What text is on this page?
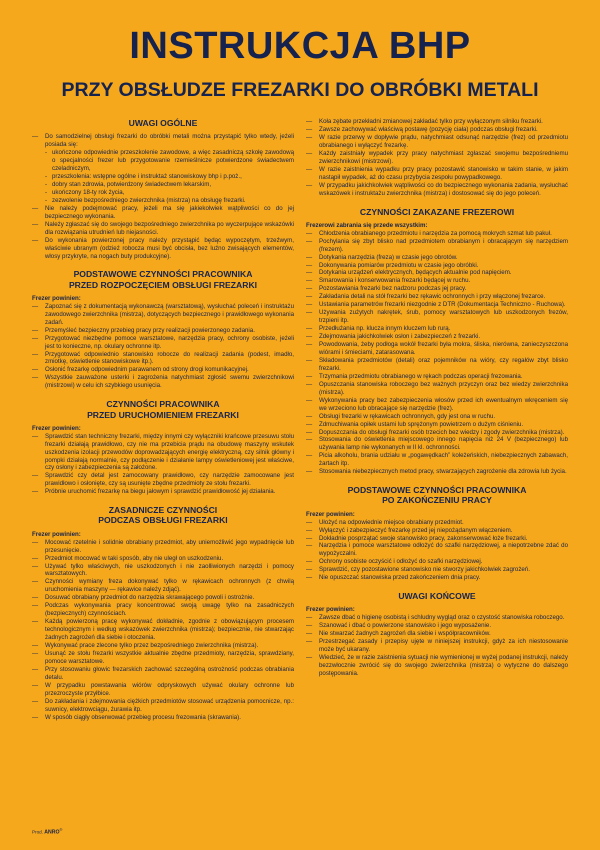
INSTRUKCJA BHP
PRZY OBSŁUDZE FREZARKI DO OBRÓBKI METALI
UWAGI OGÓLNE
— Do samodzielnej obsługi frezarki do obróbki metali można przystąpić tylko wtedy, jeżeli posiada się:
- ukończone odpowiednie przeszkolenie zawodowe, a więc zasadniczą szkołę zawodową o specjalności frezer lub przygotowanie rzemieślnicze potwierdzone świadectwem czeladniczym,
- przeszkolenia: wstępne ogólne i instruktaż stanowiskowy bhp i p.poż.,
- dobry stan zdrowia, potwierdzony świadectwem lekarskim,
- ukończony 18-ty rok życia,
- zezwolenie bezpośredniego zwierzchnika (mistrza) na obsługę frezarki.
— Nie należy podejmować pracy, jeżeli ma się jakiekolwiek wątpliwości co do jej bezpiecznego wykonania.
— Należy zgłaszać się do swojego bezpośredniego zwierzchnika po wyczerpujące wskazówki dla rozwiązania utrudnień lub niejasności.
— Do wykonania powierzonej pracy należy przystąpić będąc wypoczętym, trzeźwym, właściwie ubranym (odzież robocza musi być obcisła, bez luźno zwisających elementów, włosy przykryte, na nogach buty produkcyjne).
PODSTAWOWE CZYNNOŚCI PRACOWNIKA
PRZED ROZPOCZĘCIEM OBSŁUGI FREZARKI
Frezer powinien:
— Zapoznać się z dokumentacją wykonawczą (warsztatową), wysłuchać poleceń i instruktażu zawodowego zwierzchnika (mistrza), dotyczących bezpiecznego i prawidłowego wykonania zadań.
— Przemyśleć bezpieczny przebieg pracy przy realizacji powierzonego zadania.
— Przygotować niezbędne pomoce warsztatowe, narzędzia pracy, ochrony osobiste, jeżeli jest to konieczne, np. okulary ochronne itp.
— Przygotować odpowiednio stanowisko robocze do realizacji zadania (podest, imadło, zmiotkę, oświetlenie stanowiskowe itp.).
— Osłonić frezarkę odpowiednim parawanem od strony drogi komunikacyjnej.
— Wszystkie zauważone usterki i zagrożenia natychmiast zgłosić swemu zwierzchnikowi (mistrzowi) w celu ich szybkiego usunięcia.
CZYNNOŚCI PRACOWNIKA
PRZED URUCHOMIENIEM FREZARKI
Frezer powinien:
— Sprawdzić stan techniczny frezarki, między innymi czy wyłączniki krańcowe przesuwu stołu frezarki działają prawidłowo, czy nie ma przebicia prądu na obudowę maszyny wskutek uszkodzenia izolacji przewodów doprowadzających energię elektryczną, czy silnik główny i pompki działają normalnie, czy podłączenie i działanie lampy oświetleniowej jest właściwe, czy osłony i zabezpieczenia są założone.
— Sprawdzić czy detal jest zamocowany prawidłowo, czy narzędzie zamocowane jest prawidłowo i osłonięte, czy są usunięte zbędne przedmioty ze stołu frezarki.
— Próbnie uruchomić frezarkę na biegu jałowym i sprawdzić prawidłowość jej działania.
ZASADNICZE CZYNNOŚCI
PODCZAS OBSŁUGI FREZARKI
Frezer powinien:
— Mocować rzetelnie i solidnie obrabiany przedmiot, aby uniemożliwić jego wypadnięcie lub przesunięcie.
— Przedmiot mocować w taki sposób, aby nie uległ on uszkodzeniu.
— Używać tylko właściwych, nie uszkodzonych i nie zaolliwionych narzędzi i pomocy warsztatowych.
— Czynności wymiany freza dokonywać tylko w rękawicach ochronnych (z chwilą uruchomienia maszyny — rękawice należy zdjąć).
— Dosuwać obrabiany przedmiot do narzędzia skrawającego powoli i ostrożnie.
— Podczas wykonywania pracy koncentrować swoją uwagę tylko na zasadniczych (bezpiecznych) czynnościach.
— Każdą powierzoną pracę wykonywać dokładnie, zgodnie z obowiązującym procesem technologicznym i według wskazówek zwierzchnika (mistrza); bezpiecznie, nie stwarzając żadnych zagrożeń dla siebie i otoczenia.
— Wykonywać prace zlecone tylko przez bezpośredniego zwierzchnika (mistrza).
— Usunąć ze stołu frezarki wszystkie aktualnie zbędne przedmioty, narzędzia, sprawdziany, pomoce warsztatowe.
— Przy stosowaniu głowic frezarskich zachować szczególną ostrożność podczas obrabiania detalu.
— W przypadku powstawania wiórów odpryskowych używać okulary ochronne lub przezroczyste przyłbice.
— Do zakładania i zdejmowania ciężkich przedmiotów stosować urządzenia pomocnicze, np.: suwnicy, elektrowciągu, żurawia itp.
— W sposób ciągły obserwować przebieg procesu frezowania (skrawania).
— Koła zębate przekładni zmianowej zakładać tylko przy wyłączonym silniku frezarki.
— Zawsze zachowywać właściwą postawę (pozycję ciała) podczas obsługi frezarki.
— W razie przerwy w dopływie prądu, natychmiast odsunąć narzędzie (frez) od przedmiotu obrabianego i wyłączyć frezarkę.
— Każdy zaistniały wypadek przy pracy natychmiast zgłaszać swojemu bezpośredniemu zwierzchnikowi (mistrzowi).
— W razie zaistnienia wypadku przy pracy pozostawić stanowisko w takim stanie, w jakim nastąpił wypadek, aż do czasu przybycia zespołu powypadkowego.
— W przypadku jakichkolwiek wątpliwości co do bezpiecznego wykonania zadania, wysłuchać wskazówek i instruktażu zwierzchnika (mistrza) i dostosować się do jego poleceń.
CZYNNOŚCI ZAKAZANE FREZEROWI
Frezerowi zabrania się przede wszystkim:
— Chłodzenia obrabianego przedmiotu i narzędzia za pomocą mokrych szmat lub pakuł.
— Pochylania się zbyt blisko nad przedmiotem obrabianym i obracającym się narzędziem (frezem).
— Dotykania narzędzia (freza) w czasie jego obrotów.
— Dokonywania pomiarów przedmiotu w czasie jego obróbki.
— Dotykania urządzeń elektrycznych, będących aktualnie pod napięciem.
— Smarowania i konserwowania frezarki będącej w ruchu.
— Pozostawiania frezarki bez nadzoru podczas jej pracy.
— Zakładania detali na stół frezarki bez rękawic ochronnych i przy włączonej frezarce.
— Ustawiania parametrów frezarki niezgodnie z DTR (Dokumentacja Techniczno - Ruchowa).
— Używania zużytych nakrętek, śrub, pomocy warsztatowych lub uszkodzonych frezów, trzpieni itp.
— Przedłużania np. klucza innym kluczem lub rurą.
— Zdejmowania jakichkolwiek osłon i zabezpieczeń z frezarki.
— Powodowania, żeby podłoga wokół frezarki była mokra, śliska, nierówna, zanieczyszczona wiórami i śmieciami, zatarasowana.
— Składowania przedmiotów (detali) oraz pojemników na wióry, czy regałów zbyt blisko frezarki.
— Trzymania przedmiotu obrabianego w rękach podczas operacji frezowania.
— Opuszczania stanowiska roboczego bez ważnych przyczyn oraz bez wiedzy zwierzchnika (mistrza).
— Wykonywania pracy bez zabezpieczenia włosów przed ich ewentualnym wkręceniem się we wrzeciono lub obracające się narzędzie (frez).
— Obsługi frezarki w rękawicach ochronnych, gdy jest ona w ruchu.
— Zdmuchiwania opiłek ustami lub sprężonym powietrzem o dużym ciśnieniu.
— Dopuszczania do obsługi frezarki osób trzecich bez wiedzy i zgody zwierzchnika (mistrza).
— Stosowania do oświetlenia miejscowego innego napięcia niż 24 V (bezpiecznego) lub używania lamp nie wykonanych w II kl. ochronności.
— Picia alkoholu, brania udziału w „pogawędkach” koleżeńskich, niebezpiecznych zabawach, żartach itp.
— Stosowania niebezpiecznych metod pracy, stwarzających zagrożenie dla zdrowia lub życia.
PODSTAWOWE CZYNNOŚCI PRACOWNIKA
PO ZAKOŃCZENIU PRACY
Frezer powinien:
— Ułożyć na odpowiednie miejsce obrabiany przedmiot.
— Wyłączyć i zabezpieczyć frezarkę przed jej niepożądanym włączeniem.
— Dokładnie posprzątać swoje stanowisko pracy, zakonserwować łoże frezarki.
— Narzędzia i pomoce warsztatowe odłożyć do szafki narzędziowej, a niepotrzebne zdać do wypożyczalni.
— Ochrony osobiste oczyścić i odłożyć do szafki narzędziowej.
— Sprawdzić, czy pozostawione stanowisko nie stworzy jakichkolwiek zagrożeń.
— Nie opuszczać stanowiska przed zakończeniem dnia pracy.
UWAGI KOŃCOWE
Frezer powinien:
— Zawsze dbać o higienę osobistą i schludny wygląd oraz o czystość stanowiska roboczego.
— Szanować i dbać o powierzone stanowisko i jego wyposażenie.
— Nie stwarzać żadnych zagrożeń dla siebie i współpracowników.
— Przestrzegać zasady i przepisy ujęte w niniejszej instrukcji, gdyż za ich niestosowanie może być ukarany.
— Wiedzieć, że w razie zaistnienia sytuacji nie wymienionej w wyżej podanej instrukcji, należy bezzwłocznie zwrócić się do swojego zwierzchnika (mistrza) o wytyczne do dalszego postępowania.
Prod. ANRO®
